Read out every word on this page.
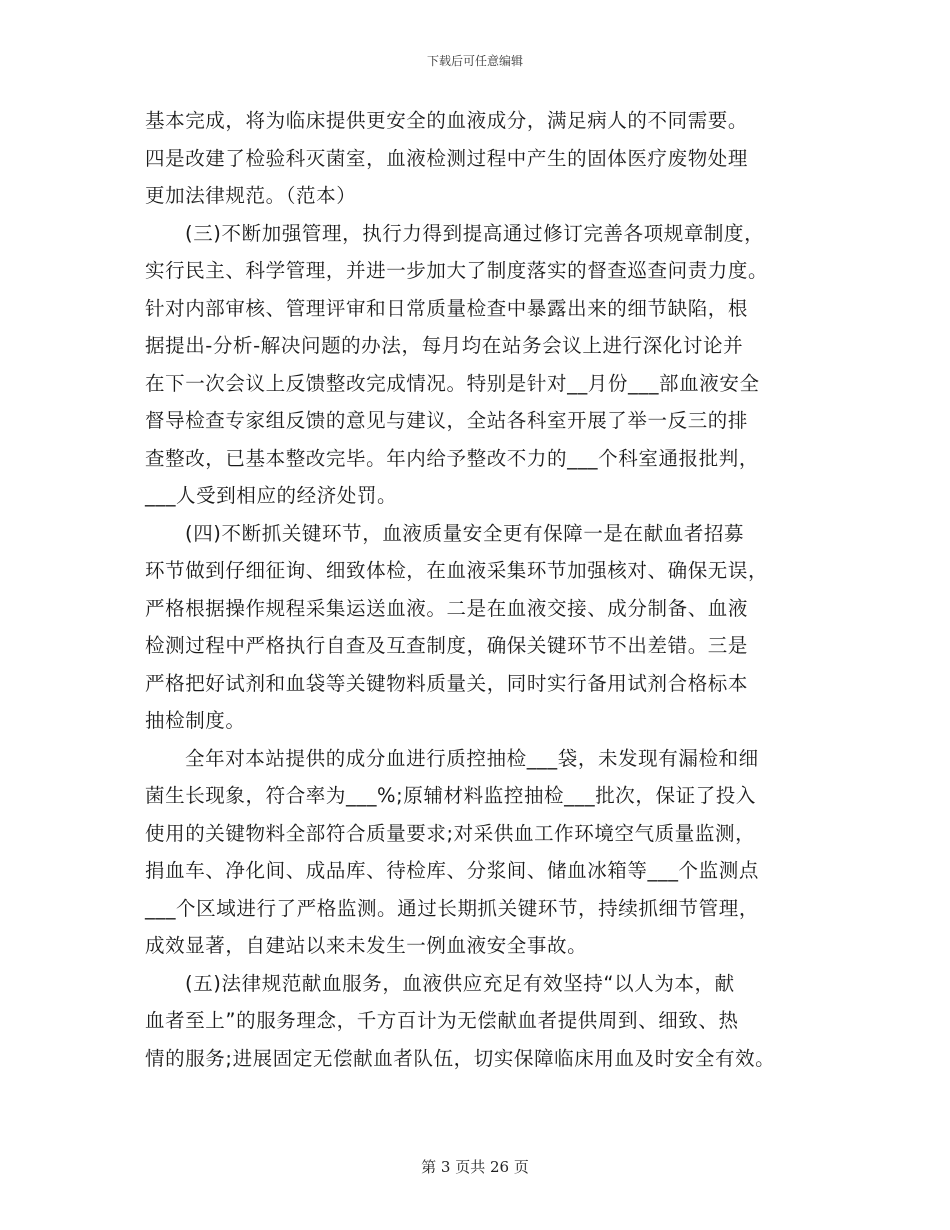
下载后可任意编辑
基本完成，将为临床提供更安全的血液成分，满足病人的不同需要。
四是改建了检验科灭菌室，血液检测过程中产生的固体医疗废物处理
更加法律规范。（范本）
(三)不断加强管理，执行力得到提高通过修订完善各项规章制度，
实行民主、科学管理，并进一步加大了制度落实的督查巡查问责力度。
针对内部审核、管理评审和日常质量检查中暴露出来的细节缺陷，根
据提出-分析-解决问题的办法，每月均在站务会议上进行深化讨论并
在下一次会议上反馈整改完成情况。特别是针对__月份___部血液安全
督导检查专家组反馈的意见与建议，全站各科室开展了举一反三的排
查整改，已基本整改完毕。年内给予整改不力的___个科室通报批判，
___人受到相应的经济处罚。
(四)不断抓关键环节，血液质量安全更有保障一是在献血者招募
环节做到仔细征询、细致体检，在血液采集环节加强核对、确保无误，
严格根据操作规程采集运送血液。二是在血液交接、成分制备、血液
检测过程中严格执行自查及互查制度，确保关键环节不出差错。三是
严格把好试剂和血袋等关键物料质量关，同时实行备用试剂合格标本
抽检制度。
全年对本站提供的成分血进行质控抽检___袋，未发现有漏检和细
菌生长现象，符合率为___%;原辅材料监控抽检___批次，保证了投入
使用的关键物料全部符合质量要求;对采供血工作环境空气质量监测，
捐血车、净化间、成品库、待检库、分浆间、储血冰箱等___个监测点
___个区域进行了严格监测。通过长期抓关键环节，持续抓细节管理，
成效显著，自建站以来未发生一例血液安全事故。
(五)法律规范献血服务，血液供应充足有效坚持“以人为本，献
血者至上”的服务理念，千方百计为无偿献血者提供周到、细致、热
情的服务;进展固定无偿献血者队伍，切实保障临床用血及时安全有效。
第 3 页共 26 页
